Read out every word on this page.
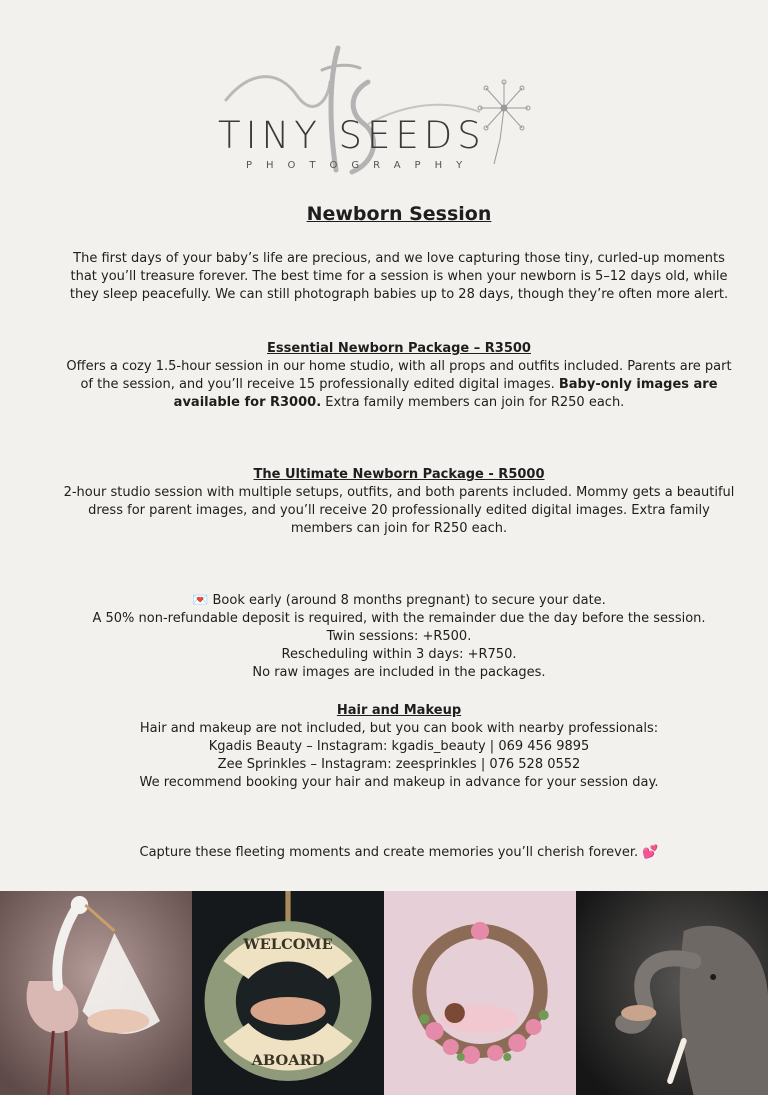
TINY SEEDS
PHOTOGRAPHY
Newborn Session

The first days of your baby’s life are precious, and we love capturing those tiny, curled-up moments that you’ll treasure forever. The best time for a session is when your newborn is 5–12 days old, while they sleep peacefully. We can still photograph babies up to 28 days, though they’re often more alert.

Essential Newborn Package – R3500

Offers a cozy 1.5-hour session in our home studio, with all props and outfits included. Parents are part of the session, and you’ll receive 15 professionally edited digital images. Baby-only images are available for R3000. Extra family members can join for R250 each.

The Ultimate Newborn Package - R5000

2-hour studio session with multiple setups, outfits, and both parents included. Mommy gets a beautiful dress for parent images, and you’ll receive 20 professionally edited digital images. Extra family members can join for R250 each.

💌 Book early (around 8 months pregnant) to secure your date.

A 50% non-refundable deposit is required, with the remainder due the day before the session.

Twin sessions: +R500.

Rescheduling within 3 days: +R750.

No raw images are included in the packages.

Hair and Makeup

Hair and makeup are not included, but you can book with nearby professionals:

Kgadis Beauty – Instagram: kgadis_beauty | 069 456 9895

Zee Sprinkles – Instagram: zeesprinkles | 076 528 0552

We recommend booking your hair and makeup in advance for your session day.

Capture these fleeting moments and create memories you’ll cherish forever. 💕

WELCOME
ABOARD
